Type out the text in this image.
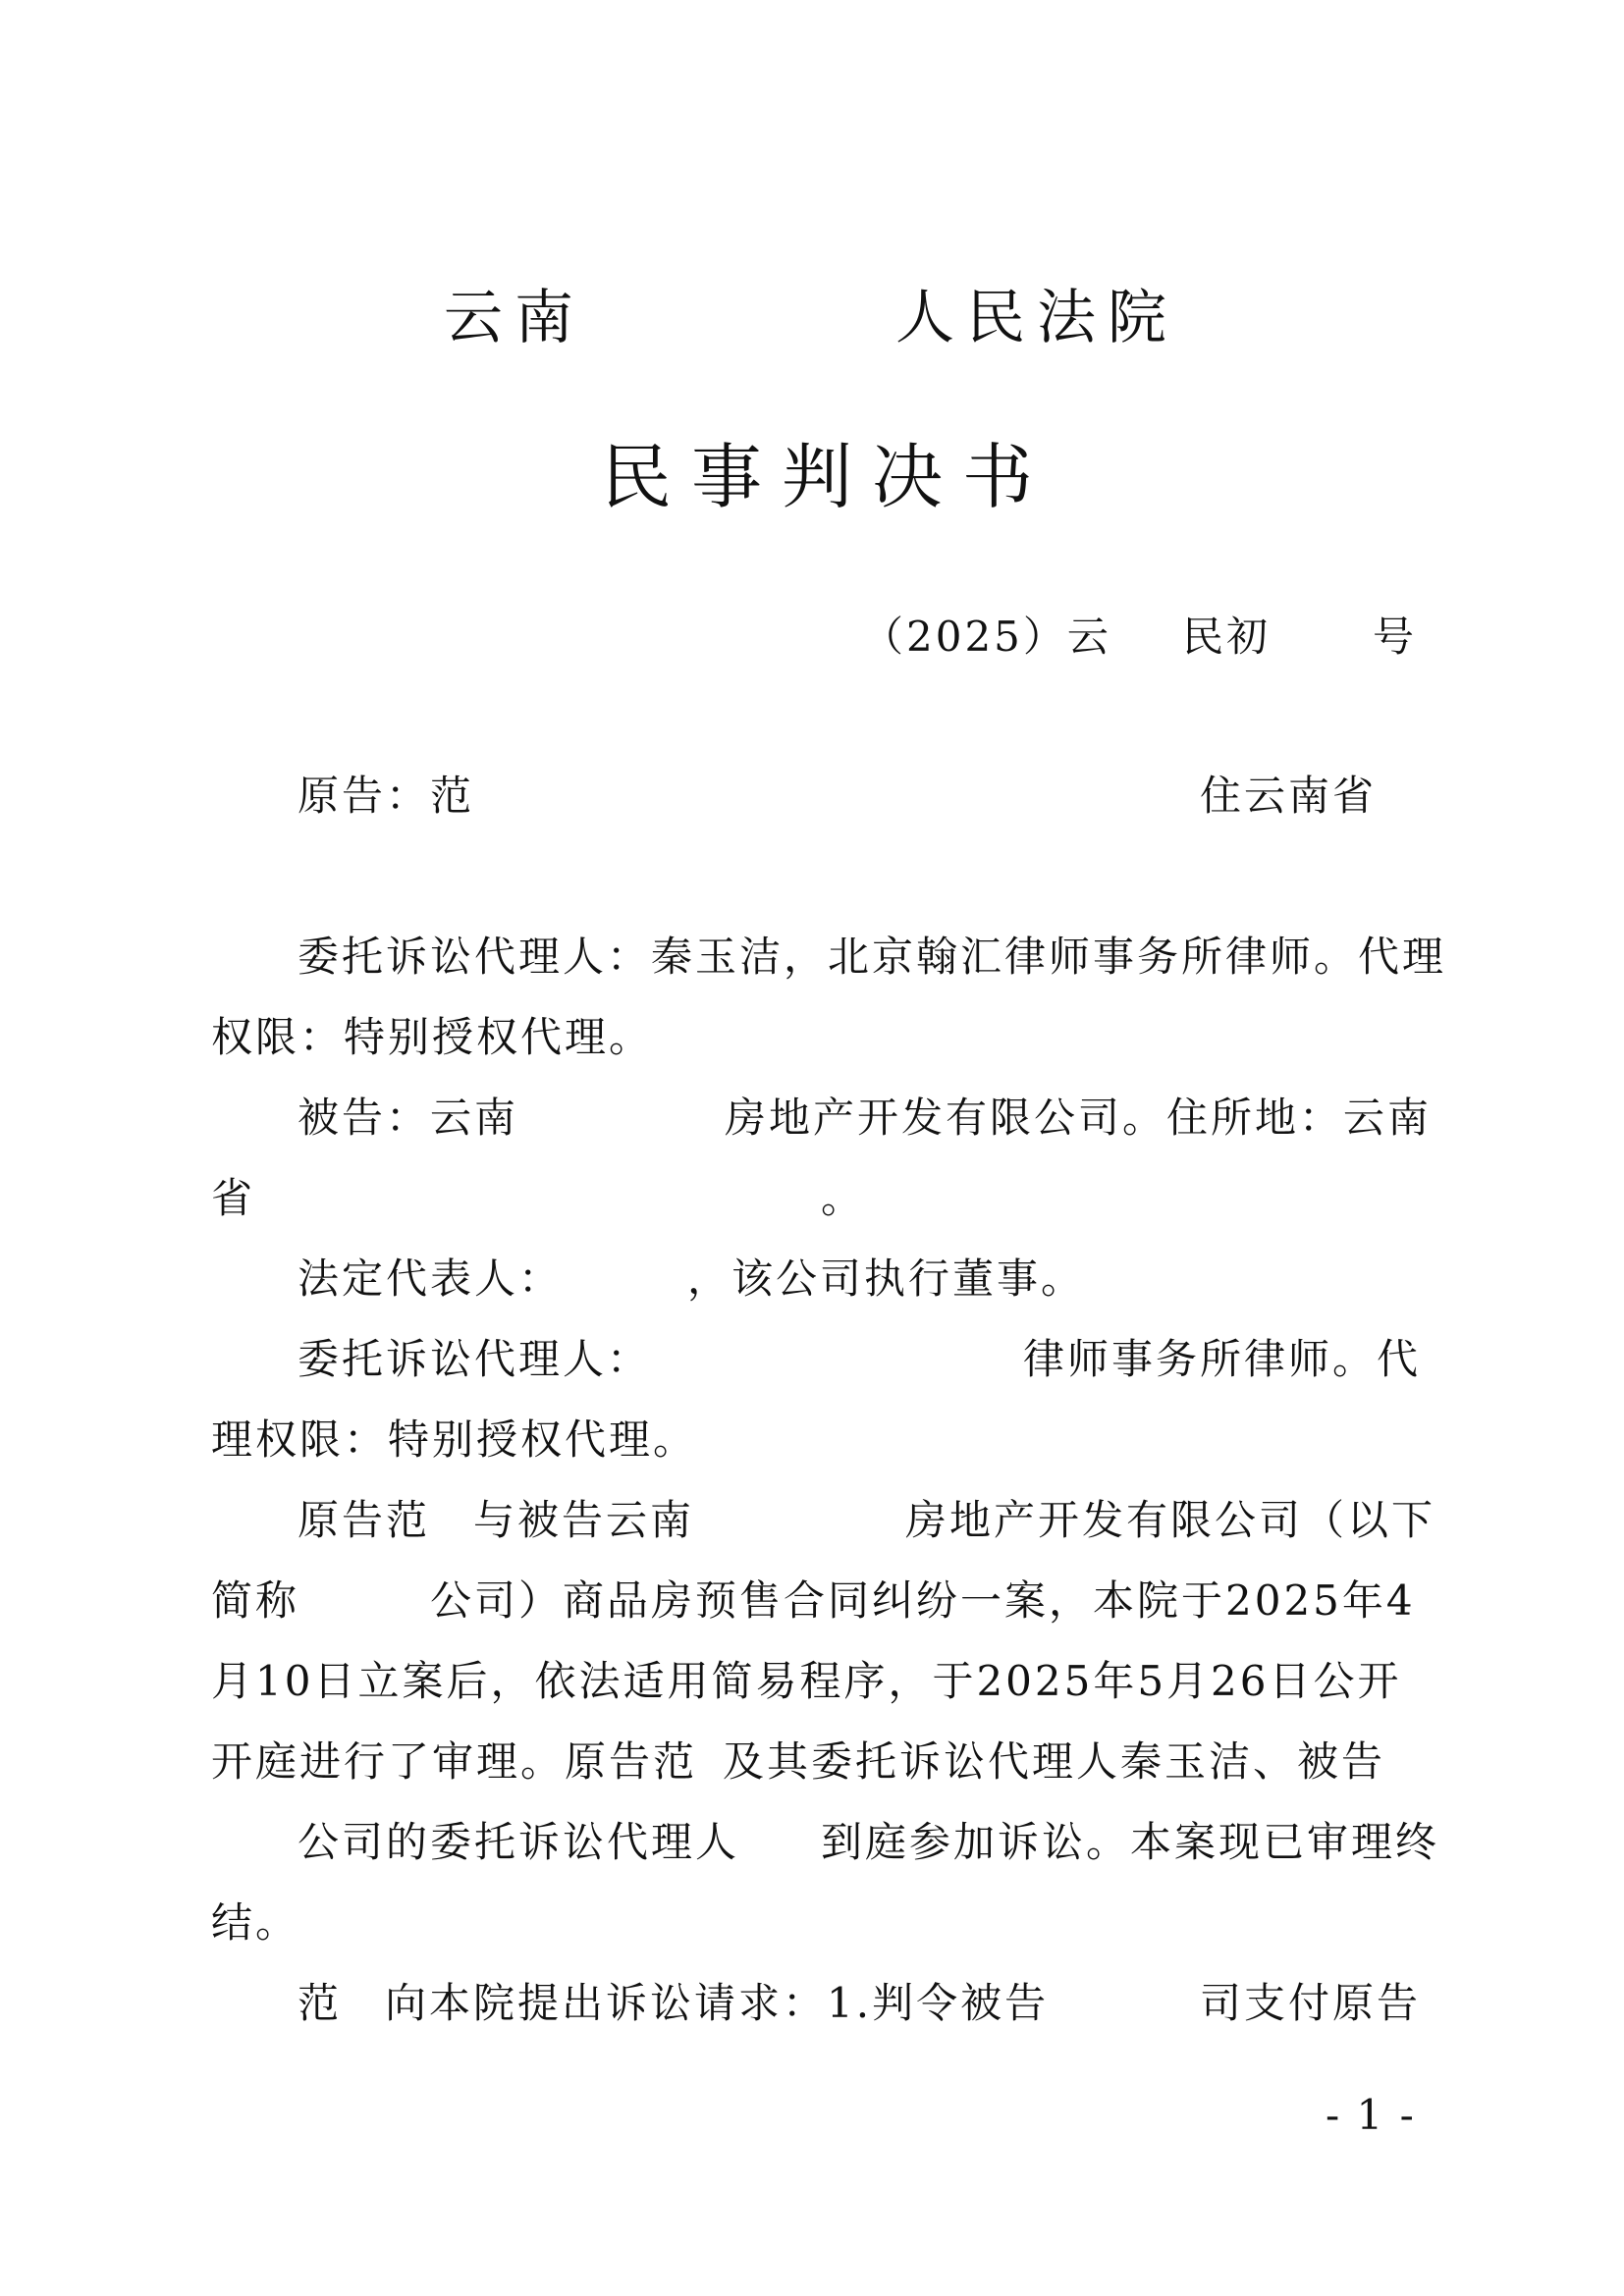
云南	人民法院
民事判决书
（2025）云 民初 号
原告：范	住云南省
委托诉讼代理人：秦玉洁，北京翰汇律师事务所律师。代理
权限：特别授权代理。
被告：云南	房地产开发有限公司。住所地：云南
省	。
法定代表人：	，该公司执行董事。
委托诉讼代理人：	律师事务所律师。代
理权限：特别授权代理。
原告范 与被告云南	房地产开发有限公司（以下
简称	公司）商品房预售合同纠纷一案，本院于2025年4
月10日立案后，依法适用简易程序，于2025年5月26日公开
开庭进行了审理。原告范 及其委托诉讼代理人秦玉洁、被告
公司的委托诉讼代理人 到庭参加诉讼。本案现已审理终
结。
范 向本院提出诉讼请求：1.判令被告	司支付原告
- 1 -
